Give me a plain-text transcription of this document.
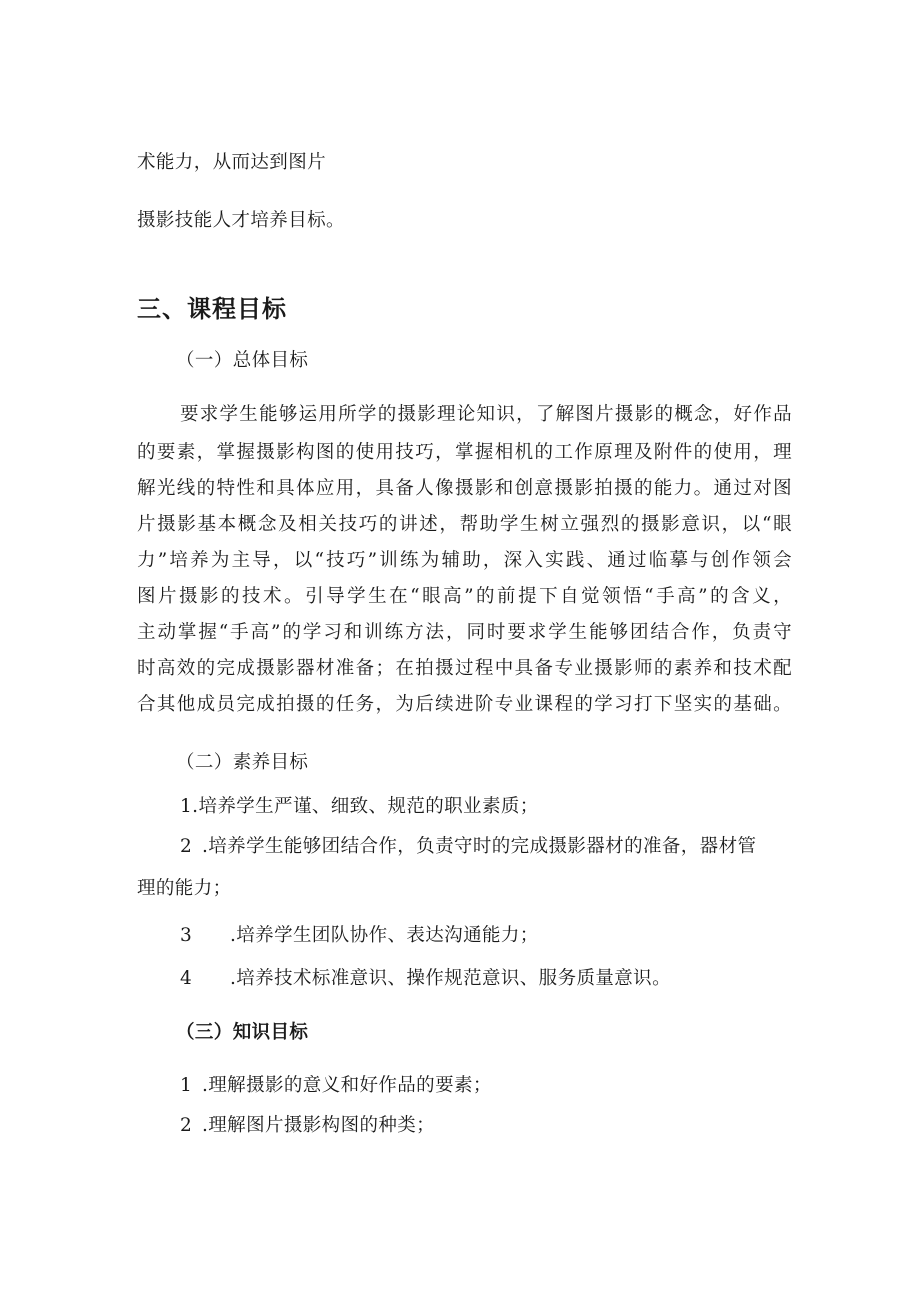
术能力，从而达到图片
摄影技能人才培养目标。
三、课程目标
（一）总体目标
要求学生能够运用所学的摄影理论知识，了解图片摄影的概念，好作品
的要素，掌握摄影构图的使用技巧，掌握相机的工作原理及附件的使用，理
解光线的特性和具体应用，具备人像摄影和创意摄影拍摄的能力。通过对图
片摄影基本概念及相关技巧的讲述，帮助学生树立强烈的摄影意识，以“眼
力”培养为主导，以“技巧”训练为辅助，深入实践、通过临摹与创作领会
图片摄影的技术。引导学生在“眼高”的前提下自觉领悟“手高”的含义，
主动掌握“手高”的学习和训练方法，同时要求学生能够团结合作，负责守
时高效的完成摄影器材准备；在拍摄过程中具备专业摄影师的素养和技术配
合其他成员完成拍摄的任务，为后续进阶专业课程的学习打下坚实的基础。
（二）素养目标
1.培养学生严谨、细致、规范的职业素质；
2 .培养学生能够团结合作，负责守时的完成摄影器材的准备，器材管
理的能力；
3 .培养学生团队协作、表达沟通能力；
4 .培养技术标准意识、操作规范意识、服务质量意识。
（三）知识目标
1 .理解摄影的意义和好作品的要素；
2 .理解图片摄影构图的种类；
